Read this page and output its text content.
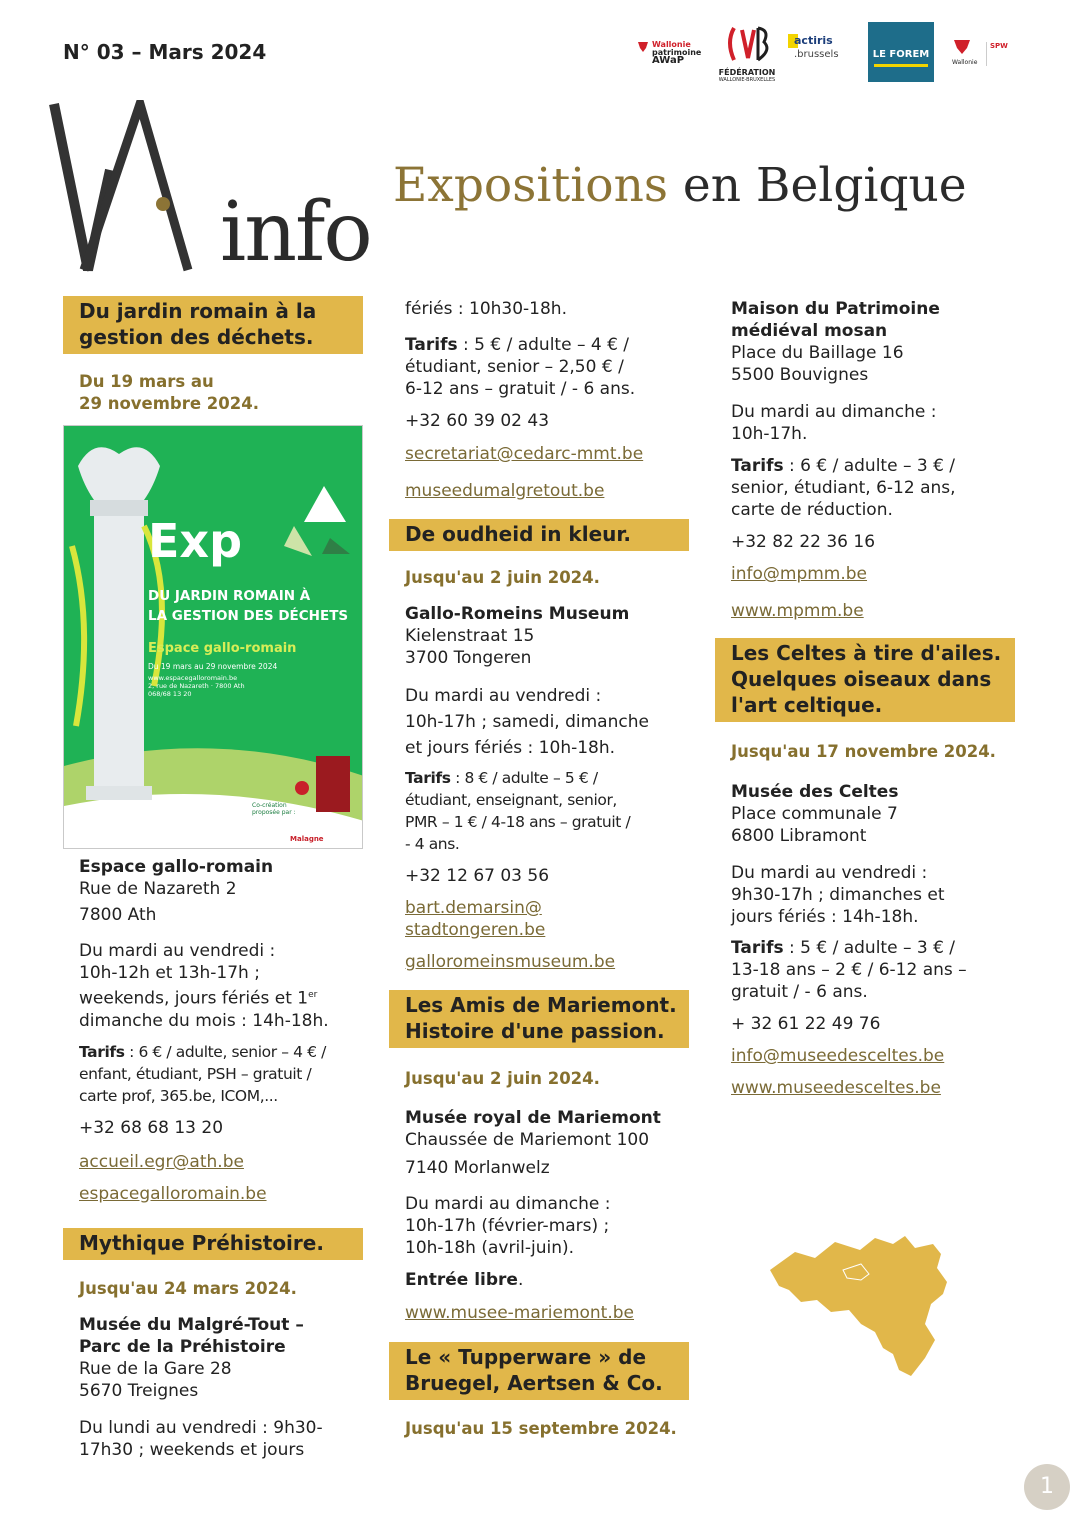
N° 03 – Mars 2024	Wallonie
patrimoine
AWaP
FÉDÉRATION
WALLONIE-BRUXELLES
actiris
.brussels	LE FOREM
Wallonie
SPW
info Expositions en Belgique
Du jardin romain à la
gestion des déchets.
Du 19 mars au
29 novembre 2024.
Exp
DU JARDIN ROMAIN À
LA GESTION DES DÉCHETS
Espace gallo-romain
Du 19 mars au 29 novembre 2024
www.espacegalloromain.be
2, rue de Nazareth · 7800 Ath
068/68 13 20
Co-création proposée par :
Malagne
Espace gallo-romain
Rue de Nazareth 2
7800 Ath
Du mardi au vendredi :
10h-12h et 13h-17h ;
weekends, jours fériés et 1er
dimanche du mois : 14h-18h.
Tarifs : 6 € / adulte, senior – 4 € /
enfant, étudiant, PSH – gratuit /
carte prof, 365.be, ICOM,...
+32 68 68 13 20
accueil.egr@ath.be
espacegalloromain.be
Mythique Préhistoire.
Jusqu'au 24 mars 2024.
Musée du Malgré-Tout –
Parc de la Préhistoire
Rue de la Gare 28
5670 Treignes
Du lundi au vendredi : 9h30-
17h30 ; weekends et jours
fériés : 10h30-18h.
Tarifs : 5 € / adulte – 4 € /
étudiant, senior – 2,50 € /
6-12 ans – gratuit / - 6 ans.
+32 60 39 02 43
secretariat@cedarc-mmt.be
museedumalgretout.be
De oudheid in kleur.
Jusqu'au 2 juin 2024.
Gallo-Romeins Museum
Kielenstraat 15
3700 Tongeren
Du mardi au vendredi :
10h-17h ; samedi, dimanche
et jours fériés : 10h-18h.
Tarifs : 8 € / adulte – 5 € /
étudiant, enseignant, senior,
PMR – 1 € / 4-18 ans – gratuit /
- 4 ans.
+32 12 67 03 56
bart.demarsin@
stadtongeren.be
galloromeinsmuseum.be
Les Amis de Mariemont.
Histoire d'une passion.
Jusqu'au 2 juin 2024.
Musée royal de Mariemont
Chaussée de Mariemont 100
7140 Morlanwelz
Du mardi au dimanche :
10h-17h (février-mars) ;
10h-18h (avril-juin).
Entrée libre.
www.musee-mariemont.be
Le « Tupperware » de
Bruegel, Aertsen & Co.
Jusqu'au 15 septembre 2024.
Maison du Patrimoine
médiéval mosan
Place du Baillage 16
5500 Bouvignes
Du mardi au dimanche :
10h-17h.
Tarifs : 6 € / adulte – 3 € /
senior, étudiant, 6-12 ans,
carte de réduction.
+32 82 22 36 16
info@mpmm.be
www.mpmm.be
Les Celtes à tire d'ailes.
Quelques oiseaux dans
l'art celtique.
Jusqu'au 17 novembre 2024.
Musée des Celtes
Place communale 7
6800 Libramont
Du mardi au vendredi :
9h30-17h ; dimanches et
jours fériés : 14h-18h.
Tarifs : 5 € / adulte – 3 € /
13-18 ans – 2 € / 6-12 ans –
gratuit / - 6 ans.
+ 32 61 22 49 76
info@museedesceltes.be
www.museedesceltes.be
1
